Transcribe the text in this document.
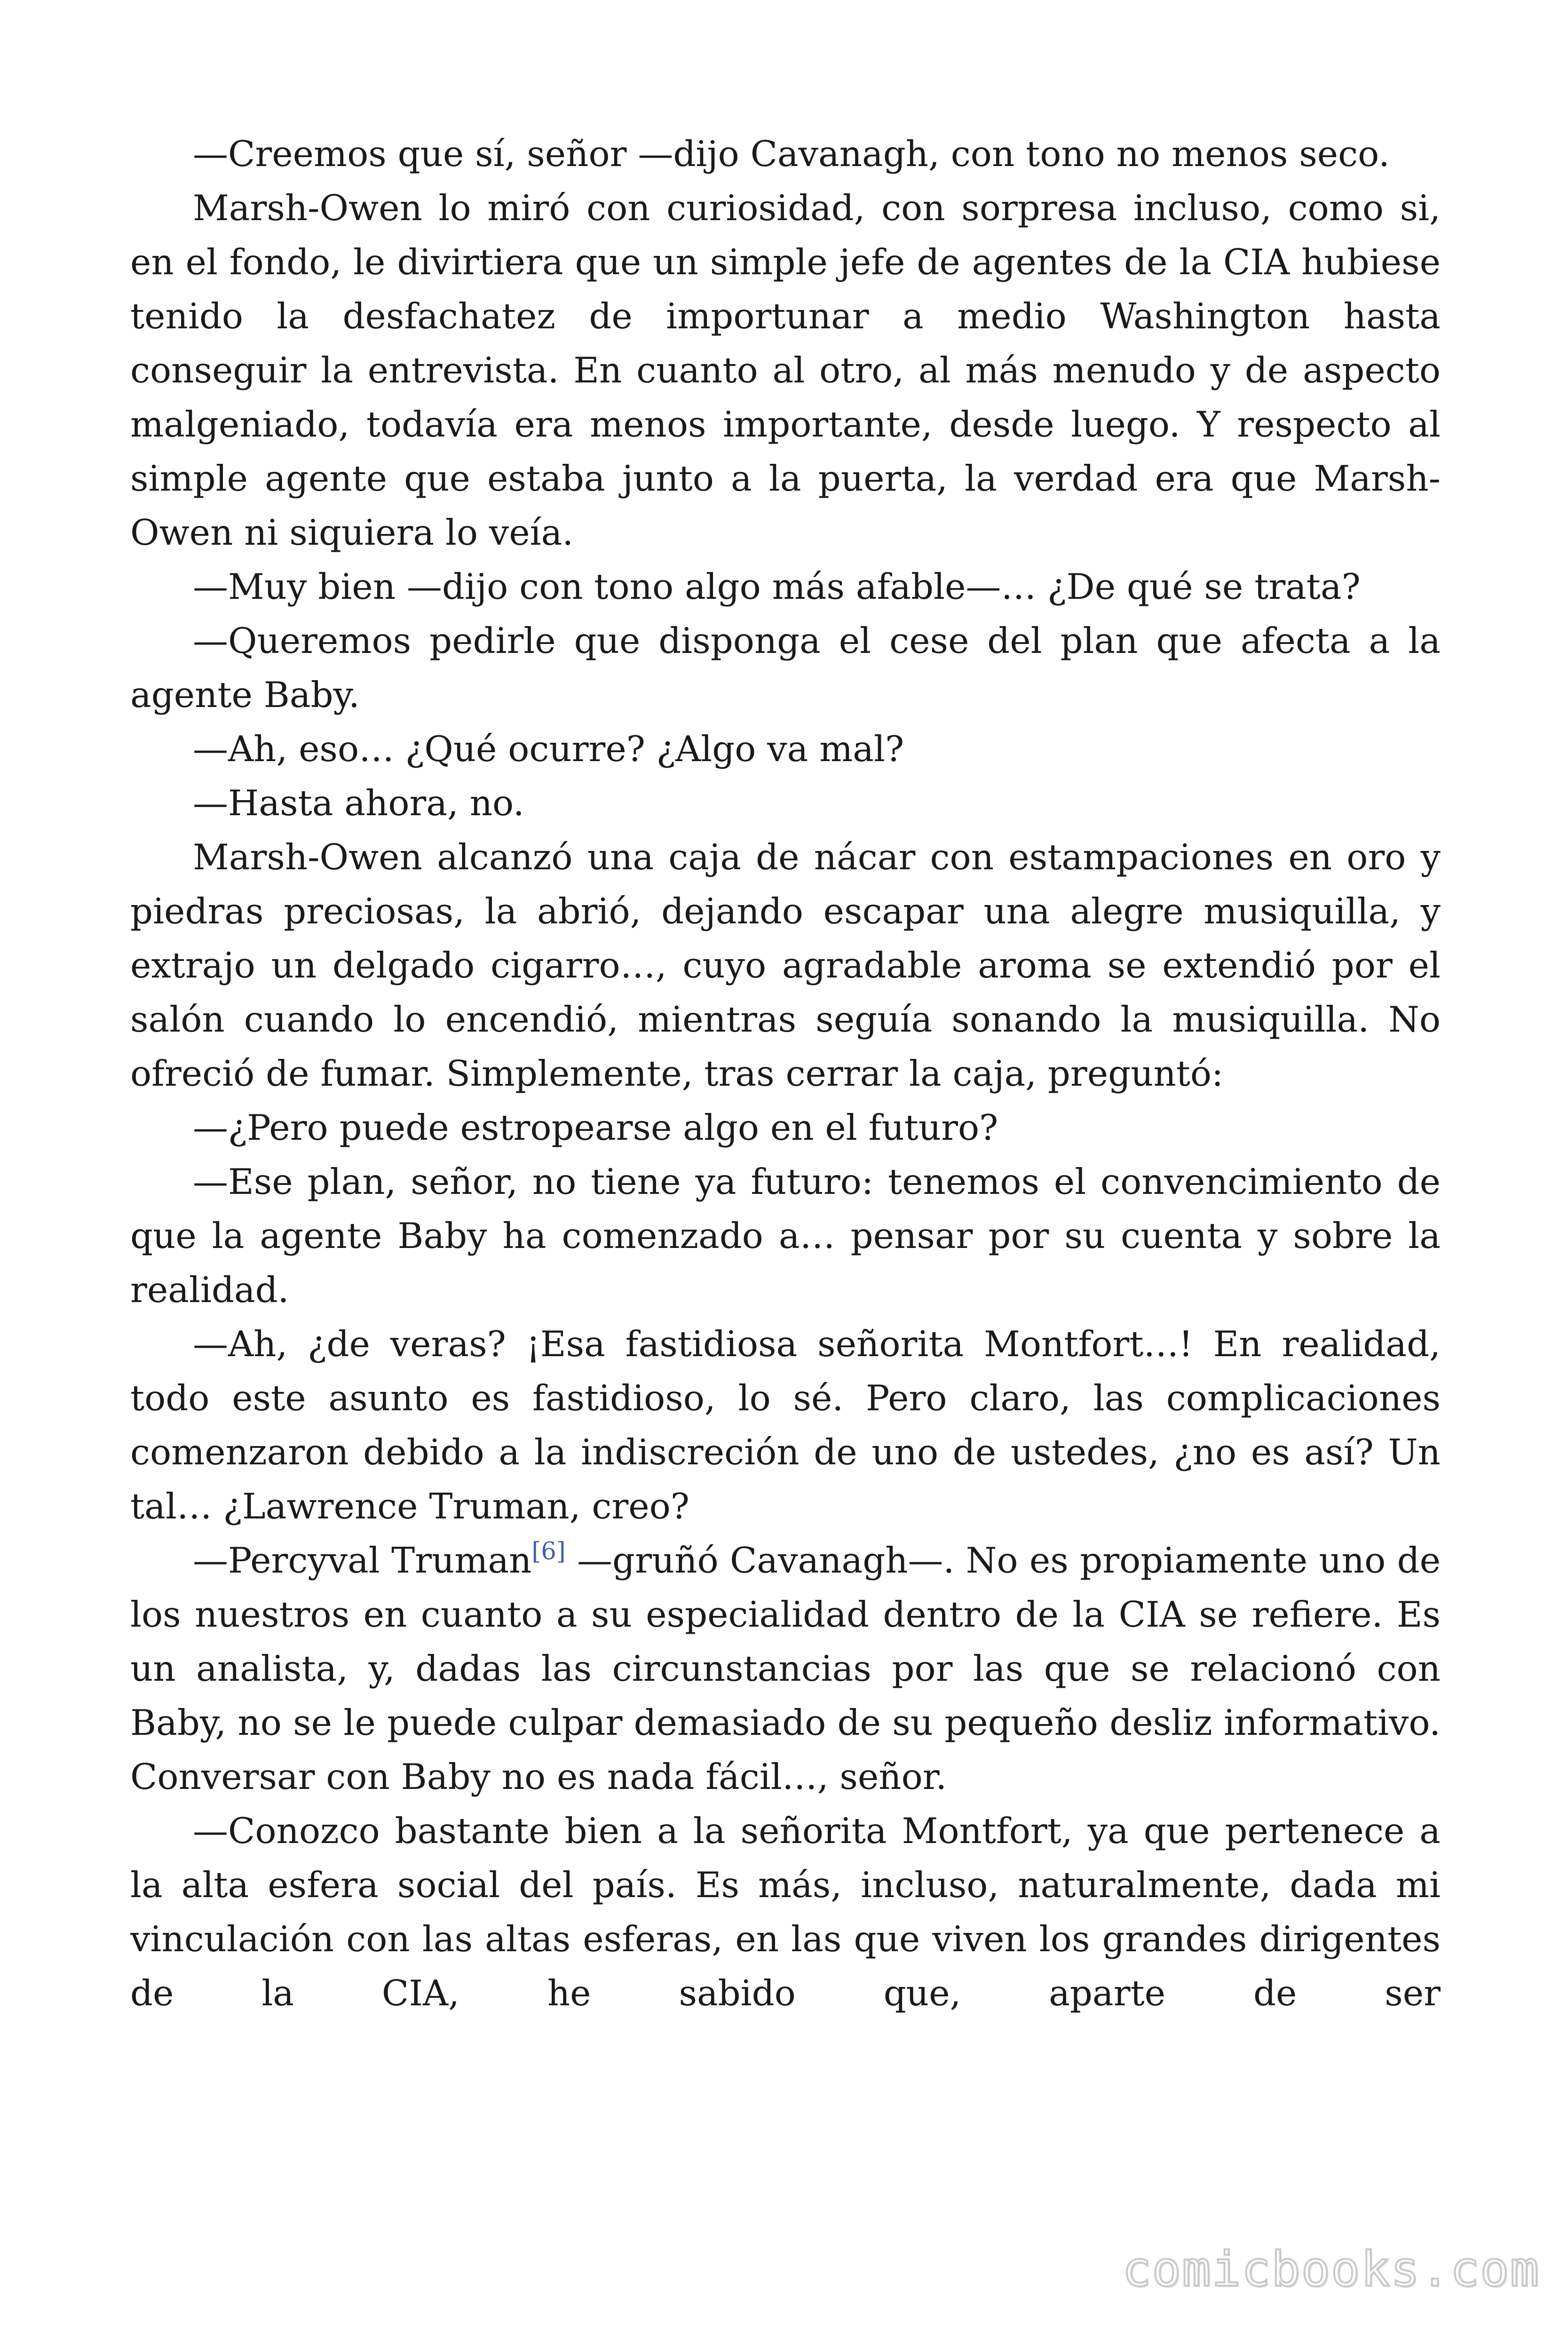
—Creemos que sí, señor —dijo Cavanagh, con tono no menos seco.

Marsh-Owen lo miró con curiosidad, con sorpresa incluso, como si, en el fondo, le divirtiera que un simple jefe de agentes de la CIA hubiese tenido la desfachatez de importunar a medio Washington hasta conseguir la entrevista. En cuanto al otro, al más menudo y de aspecto malgeniado, todavía era menos importante, desde luego. Y respecto al simple agente que estaba junto a la puerta, la verdad era que Marsh-Owen ni siquiera lo veía.

—Muy bien —dijo con tono algo más afable—… ¿De qué se trata?

—Queremos pedirle que disponga el cese del plan que afecta a la agente Baby.

—Ah, eso… ¿Qué ocurre? ¿Algo va mal?

—Hasta ahora, no.

Marsh-Owen alcanzó una caja de nácar con estampaciones en oro y piedras preciosas, la abrió, dejando escapar una alegre musiquilla, y extrajo un delgado cigarro…, cuyo agradable aroma se extendió por el salón cuando lo encendió, mientras seguía sonando la musiquilla. No ofreció de fumar. Simplemente, tras cerrar la caja, preguntó:

—¿Pero puede estropearse algo en el futuro?

—Ese plan, señor, no tiene ya futuro: tenemos el convencimiento de que la agente Baby ha comenzado a… pensar por su cuenta y sobre la realidad.

—Ah, ¿de veras? ¡Esa fastidiosa señorita Montfort…! En realidad, todo este asunto es fastidioso, lo sé. Pero claro, las complicaciones comenzaron debido a la indiscreción de uno de ustedes, ¿no es así? Un tal… ¿Lawrence Truman, creo?

—Percyval Truman[6] —gruñó Cavanagh—. No es propiamente uno de los nuestros en cuanto a su especialidad dentro de la CIA se refiere. Es un analista, y, dadas las circunstancias por las que se relacionó con Baby, no se le puede culpar demasiado de su pequeño desliz informativo. Conversar con Baby no es nada fácil…, señor.

—Conozco bastante bien a la señorita Montfort, ya que pertenece a la alta esfera social del país. Es más, incluso, naturalmente, dada mi vinculación con las altas esferas, en las que viven los grandes dirigentes de la CIA, he sabido que, aparte de ser

comicbooks.com
